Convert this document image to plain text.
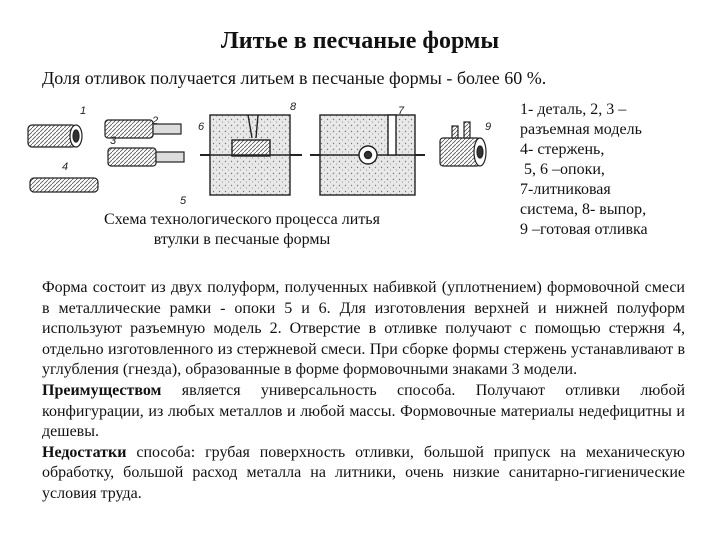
Литье в песчаные формы
Доля отливок получается литьем в песчаные формы - более 60 %.
1
2
3
4
5
6
7
8
9
Схема технологического процесса литья
втулки в песчаные формы
1- деталь, 2, 3 –
разъемная модель
4- стержень,
5, 6 –опоки,
7-литниковая
система, 8- выпор,
9 –готовая отливка

Форма состоит из двух полуформ, полученных набивкой (уплотнением) формовочной смеси в металлические рамки - опоки 5 и 6. Для изготовления верхней и нижней полуформ используют разъемную модель 2. Отверстие в отливке получают с помощью стержня 4, отдельно изготовленного из стержневой смеси. При сборке формы стержень устанавливают в углубления (гнезда), образованные в форме формовочными знаками 3 модели.

Преимуществом является универсальность способа. Получают отливки любой конфигурации, из любых металлов и любой массы. Формовочные материалы недефицитны и дешевы.

Недостатки способа: грубая поверхность отливки, большой припуск на механическую обработку, большой расход металла на литники, очень низкие санитарно-гигиенические условия труда.
